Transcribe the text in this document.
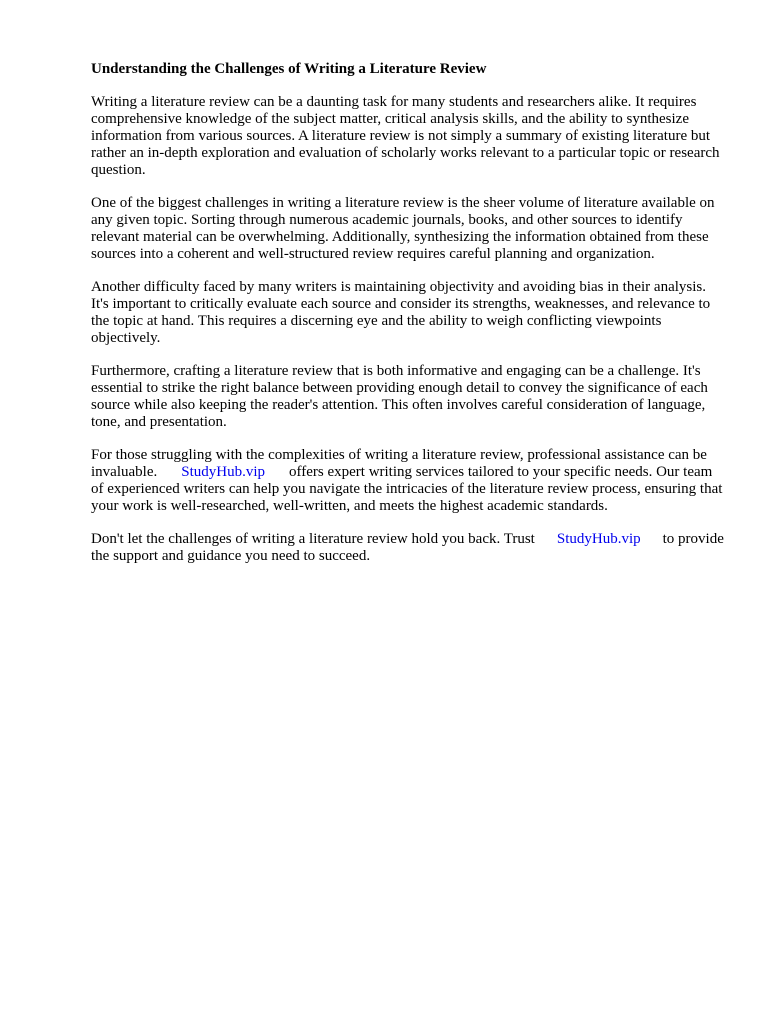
Understanding the Challenges of Writing a Literature Review

Writing a literature review can be a daunting task for many students and researchers alike. It requires comprehensive knowledge of the subject matter, critical analysis skills, and the ability to synthesize information from various sources. A literature review is not simply a summary of existing literature but rather an in-depth exploration and evaluation of scholarly works relevant to a particular topic or research question.

One of the biggest challenges in writing a literature review is the sheer volume of literature available on any given topic. Sorting through numerous academic journals, books, and other sources to identify relevant material can be overwhelming. Additionally, synthesizing the information obtained from these sources into a coherent and well-structured review requires careful planning and organization.

Another difficulty faced by many writers is maintaining objectivity and avoiding bias in their analysis. It's important to critically evaluate each source and consider its strengths, weaknesses, and relevance to the topic at hand. This requires a discerning eye and the ability to weigh conflicting viewpoints objectively.

Furthermore, crafting a literature review that is both informative and engaging can be a challenge. It's essential to strike the right balance between providing enough detail to convey the significance of each source while also keeping the reader's attention. This often involves careful consideration of language, tone, and presentation.

For those struggling with the complexities of writing a literature review, professional assistance can be invaluable. StudyHub.vip offers expert writing services tailored to your specific needs. Our team of experienced writers can help you navigate the intricacies of the literature review process, ensuring that your work is well-researched, well-written, and meets the highest academic standards.

Don't let the challenges of writing a literature review hold you back. Trust StudyHub.vip to provide the support and guidance you need to succeed.
